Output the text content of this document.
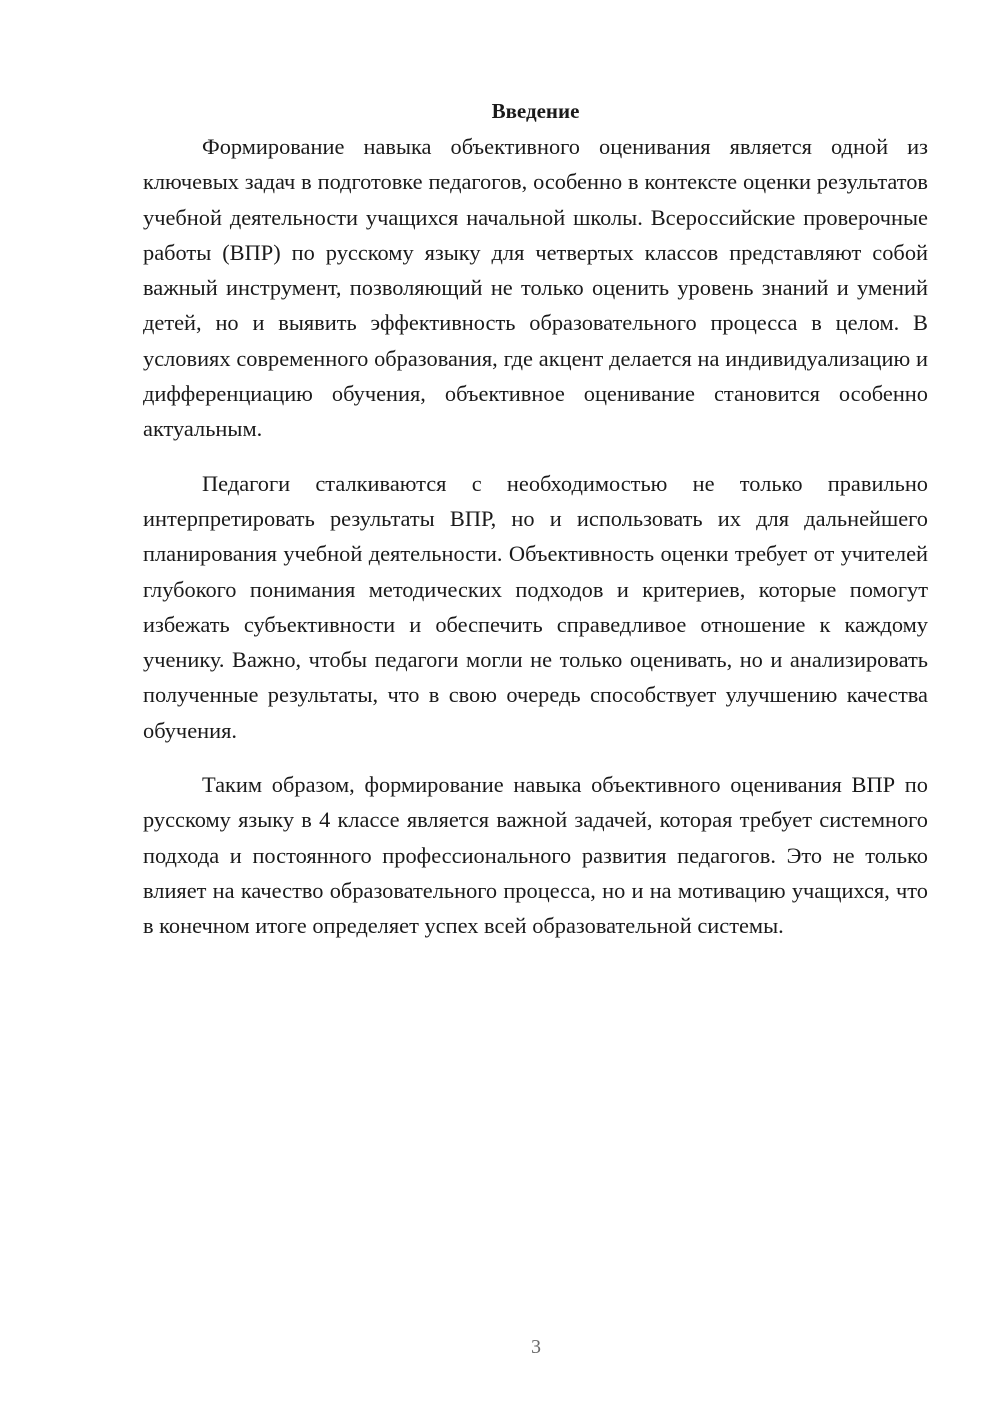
Введение

Формирование навыка объективного оценивания является одной из ключевых задач в подготовке педагогов, особенно в контексте оценки результатов учебной деятельности учащихся начальной школы. Всероссийские проверочные работы (ВПР) по русскому языку для четвертых классов представляют собой важный инструмент, позволяющий не только оценить уровень знаний и умений детей, но и выявить эффективность образовательного процесса в целом. В условиях современного образования, где акцент делается на индивидуализацию и дифференциацию обучения, объективное оценивание становится особенно актуальным.

Педагоги сталкиваются с необходимостью не только правильно интерпретировать результаты ВПР, но и использовать их для дальнейшего планирования учебной деятельности. Объективность оценки требует от учителей глубокого понимания методических подходов и критериев, которые помогут избежать субъективности и обеспечить справедливое отношение к каждому ученику. Важно, чтобы педагоги могли не только оценивать, но и анализировать полученные результаты, что в свою очередь способствует улучшению качества обучения.

Таким образом, формирование навыка объективного оценивания ВПР по русскому языку в 4 классе является важной задачей, которая требует системного подхода и постоянного профессионального развития педагогов. Это не только влияет на качество образовательного процесса, но и на мотивацию учащихся, что в конечном итоге определяет успех всей образовательной системы.

3
